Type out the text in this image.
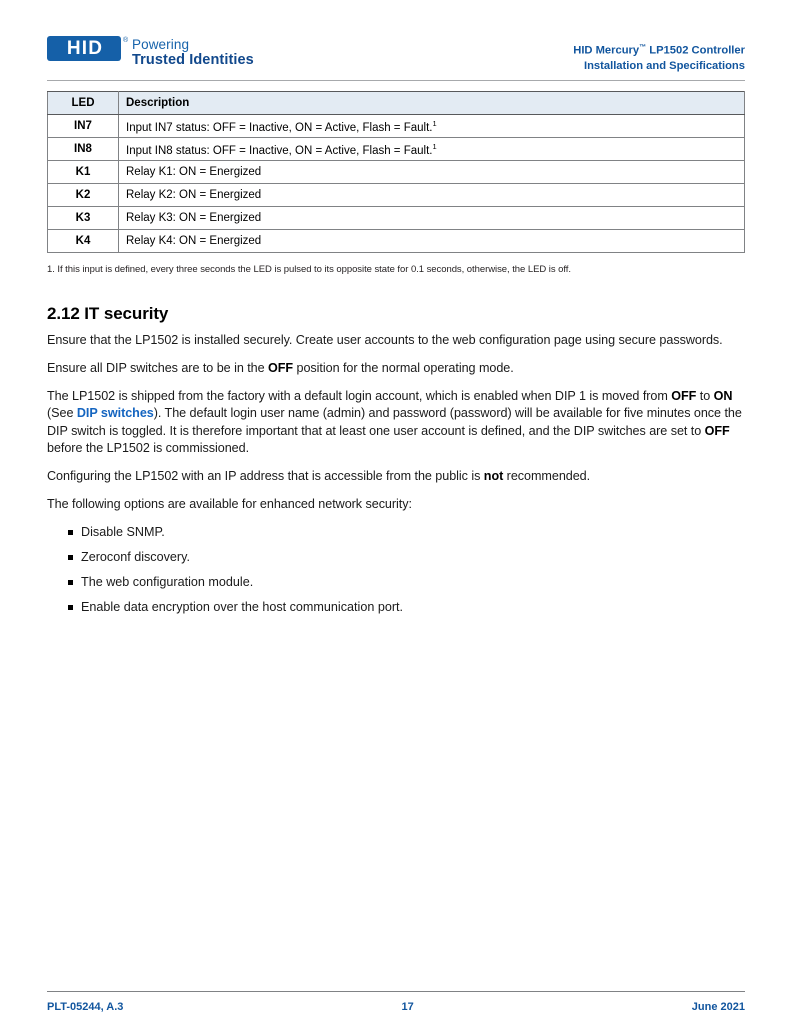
HID	® Powering
Trusted Identities
HID Mercury™ LP1502 Controller
Installation and Specifications
LED	Description
IN7	Input IN7 status: OFF = Inactive, ON = Active, Flash = Fault.$^1$
IN8	Input IN8 status: OFF = Inactive, ON = Active, Flash = Fault.$^1$
K1	Relay K1: ON = Energized
K2	Relay K2: ON = Energized
K3	Relay K3: ON = Energized
K4	Relay K4: ON = Energized
1. If this input is defined, every three seconds the LED is pulsed to its opposite state for 0.1 seconds, otherwise, the LED is off.
2.12 IT security

Ensure that the LP1502 is installed securely. Create user accounts to the web configuration page using secure passwords.

Ensure all DIP switches are to be in the OFF position for the normal operating mode.

The LP1502 is shipped from the factory with a default login account, which is enabled when DIP 1 is moved from OFF to ON (See DIP switches). The default login user name (admin) and password (password) will be available for five minutes once the DIP switch is toggled. It is therefore important that at least one user account is defined, and the DIP switches are set to OFF before the LP1502 is commissioned.

Configuring the LP1502 with an IP address that is accessible from the public is not recommended.

The following options are available for enhanced network security:

Disable SNMP.
Zeroconf discovery.
The web configuration module.
Enable data encryption over the host communication port.
PLT-05244, A.3	17	June 2021
